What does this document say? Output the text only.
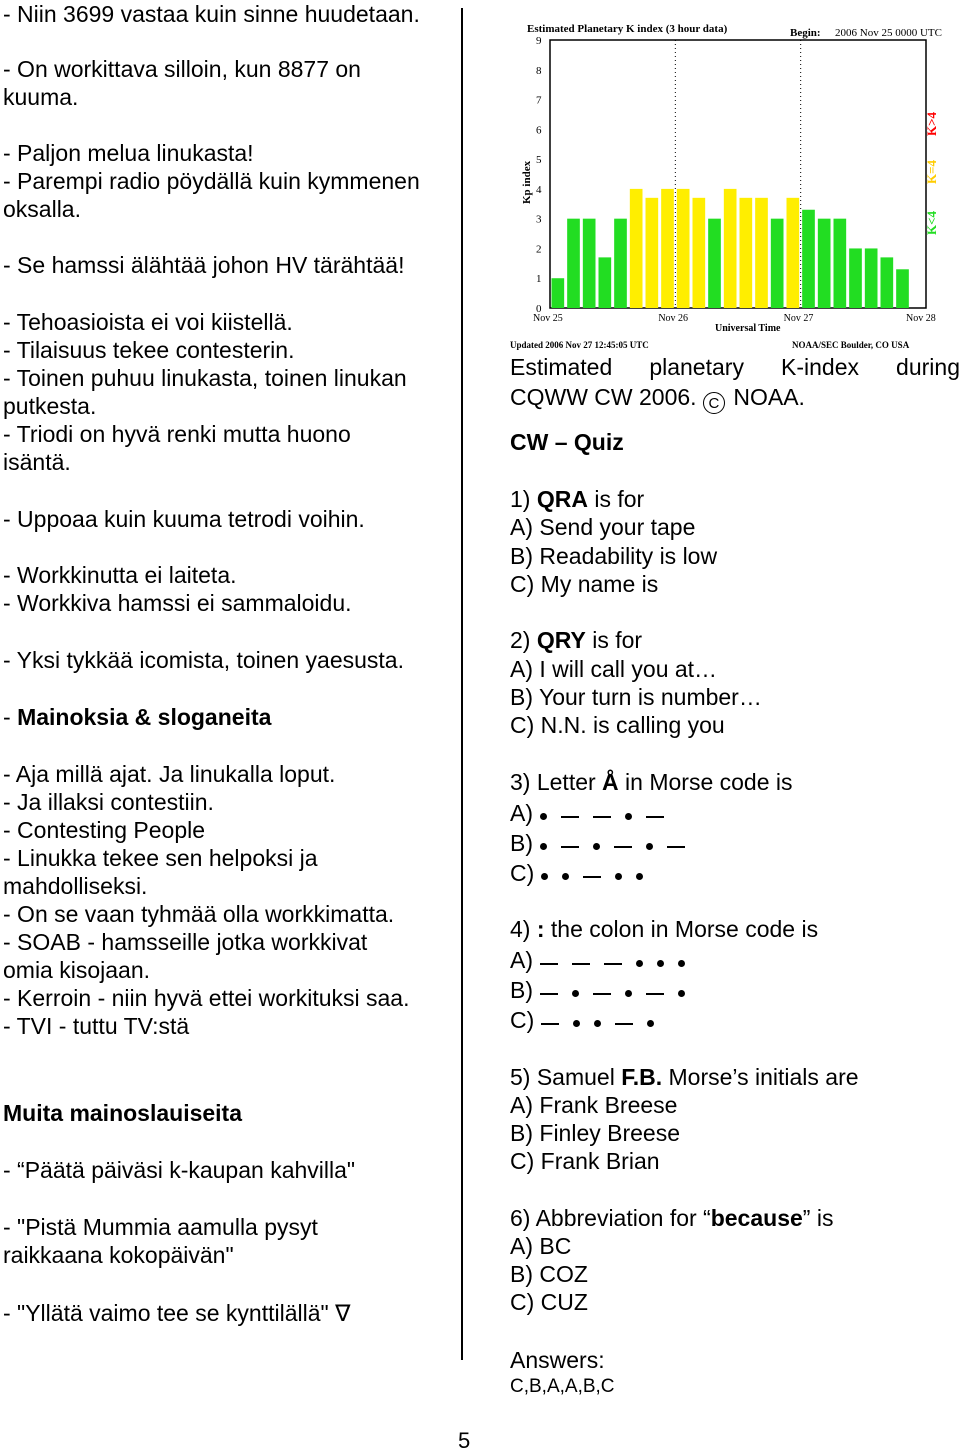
- Niin 3699 vastaa kuin sinne huudetaan.
- On workittava silloin, kun 8877 on
kuuma.
- Paljon melua linukasta!
- Parempi radio pöydällä kuin kymmenen
oksalla.
- Se hamssi älähtää johon HV tärähtää!
- Tehoasioista ei voi kiistellä.
- Tilaisuus tekee contesterin.
- Toinen puhuu linukasta, toinen linukan
putkesta.
- Triodi on hyvä renki mutta huono
isäntä.
- Uppoaa kuin kuuma tetrodi voihin.
- Workkinutta ei laiteta.
- Workkiva hamssi ei sammaloidu.
- Yksi tykkää icomista, toinen yaesusta.
- Mainoksia & sloganeita
- Aja millä ajat. Ja linukalla loput.
- Ja illaksi contestiin.
- Contesting People
- Linukka tekee sen helpoksi ja
mahdolliseksi.
- On se vaan tyhmää olla workkimatta.
- SOAB - hamsseille jotka workkivat
omia kisojaan.
- Kerroin - niin hyvä ettei workituksi saa.
- TVI - tuttu TV:stä
Muita mainoslauiseita
- “Päätä päiväsi k-kaupan kahvilla"
- "Pistä Mummia aamulla pysyt
raikkaana kokopäivän"
- "Yllätä vaimo tee se kynttilällä" ∇
Estimated Planetary K index (3 hour data)	Begin: 2006 Nov 25 0000 UTC
0
1
2
3
4
5
6
7
8
9
Nov 25	Nov 26	Nov 27	Nov 28
Kp index
Universal Time
K<4
K=4
K>4
Updated 2006 Nov 27 12:45:05 UTC	NOAA/SEC Boulder, CO USA
Estimated planetary K-index during
CQWW CW 2006. C NOAA.
CW – Quiz
1) QRA is for
A) Send your tape
B) Readability is low
C) My name is
2) QRY is for
A) I will call you at…
B) Your turn is number…
C) N.N. is calling you
3) Letter Å in Morse code is
A)
B)
C)
4) : the colon in Morse code is
A)
B)
C)
5) Samuel F.B. Morse’s initials are
A) Frank Breese
B) Finley Breese
C) Frank Brian
6) Abbreviation for “because” is
A) BC
B) COZ
C) CUZ
Answers:
C,B,A,A,B,C
5
